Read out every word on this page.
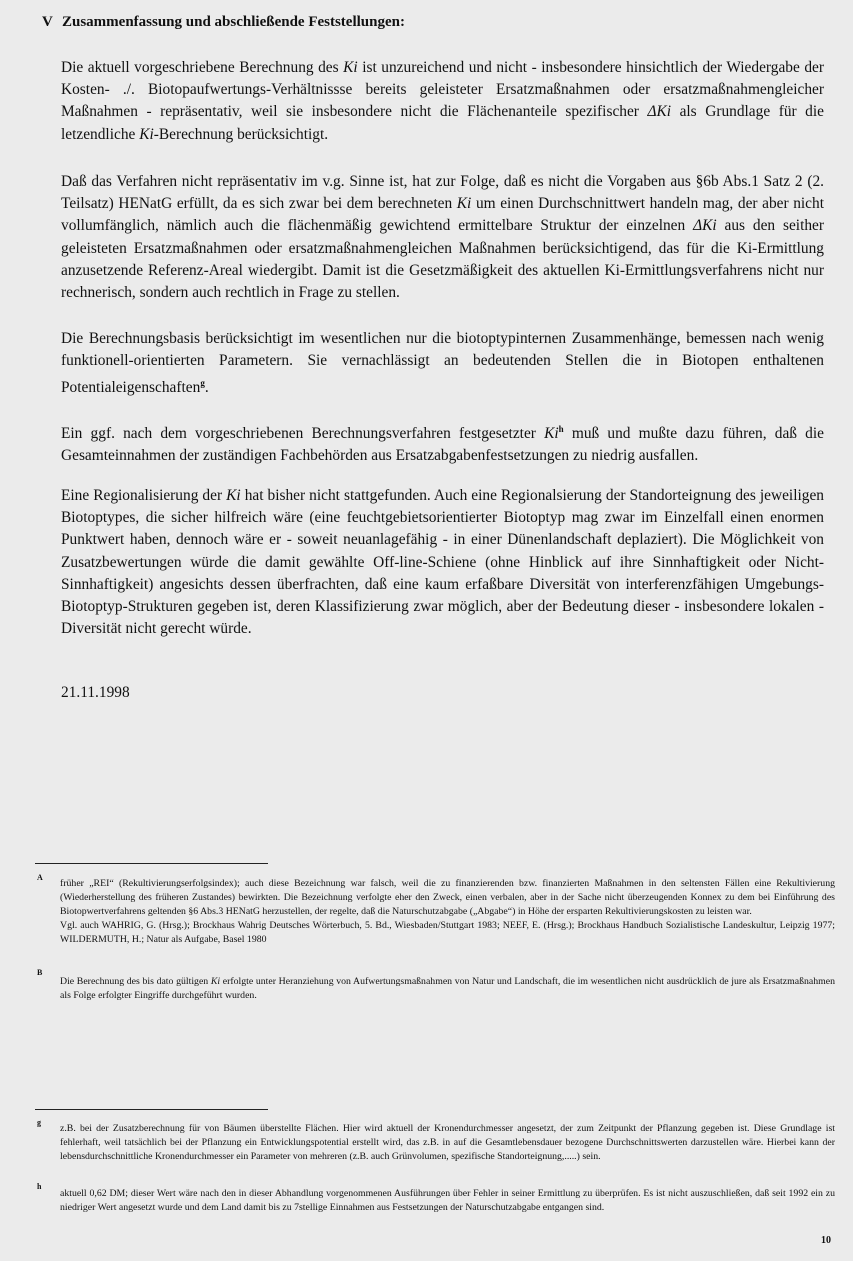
V Zusammenfassung und abschließende Feststellungen:

Die aktuell vorgeschriebene Berechnung des Ki ist unzureichend und nicht - insbesondere hinsichtlich der Wiedergabe der Kosten- ./. Biotopaufwertungs-Verhältnissse bereits geleisteter Ersatzmaßnahmen oder ersatzmaßnahmengleicher Maßnahmen - repräsentativ, weil sie insbesondere nicht die Flächenanteile spezifischer ΔKi als Grundlage für die letzendliche Ki-Berechnung berücksichtigt.

Daß das Verfahren nicht repräsentativ im v.g. Sinne ist, hat zur Folge, daß es nicht die Vorgaben aus §6b Abs.1 Satz 2 (2. Teilsatz) HENatG erfüllt, da es sich zwar bei dem berechneten Ki um einen Durchschnittwert handeln mag, der aber nicht vollumfänglich, nämlich auch die flächenmäßig gewichtend ermittelbare Struktur der einzelnen ΔKi aus den seither geleisteten Ersatzmaßnahmen oder ersatzmaßnahmengleichen Maßnahmen berücksichtigend, das für die Ki-Ermittlung anzusetzende Referenz-Areal wiedergibt. Damit ist die Gesetzmäßigkeit des aktuellen Ki-Ermittlungsverfahrens nicht nur rechnerisch, sondern auch rechtlich in Frage zu stellen.

Die Berechnungsbasis berücksichtigt im wesentlichen nur die biotoptypinternen Zusammenhänge, bemessen nach wenig funktionell-orientierten Parametern. Sie vernachlässigt an bedeutenden Stellen die in Biotopen enthaltenen Potentialeigenschaften$^g$.

Ein ggf. nach dem vorgeschriebenen Berechnungsverfahren festgesetzter Ki$^h$ muß und mußte dazu führen, daß die Gesamteinnahmen der zuständigen Fachbehörden aus Ersatzabgabenfestsetzungen zu niedrig ausfallen.

Eine Regionalisierung der Ki hat bisher nicht stattgefunden. Auch eine Regionalsierung der Standorteignung des jeweiligen Biotoptypes, die sicher hilfreich wäre (eine feuchtgebietsorientierter Biotoptyp mag zwar im Einzelfall einen enormen Punktwert haben, dennoch wäre er - soweit neuanlagefähig - in einer Dünenlandschaft deplaziert). Die Möglichkeit von Zusatzbewertungen würde die damit gewählte Off-line-Schiene (ohne Hinblick auf ihre Sinnhaftigkeit oder Nicht-Sinnhaftigkeit) angesichts dessen überfrachten, daß eine kaum erfaßbare Diversität von interferenzfähigen Umgebungs-Biotoptyp-Strukturen gegeben ist, deren Klassifizierung zwar möglich, aber der Bedeutung dieser - insbesondere lokalen - Diversität nicht gerecht würde.

21.11.1998
A

früher „REI“ (Rekultivierungserfolgsindex); auch diese Bezeichnung war falsch, weil die zu finanzierenden bzw. finanzierten Maßnahmen in den seltensten Fällen eine Rekultivierung (Wiederherstellung des früheren Zustandes) bewirkten. Die Bezeichnung verfolgte eher den Zweck, einen verbalen, aber in der Sache nicht überzeugenden Konnex zu dem bei Einführung des Biotopwertverfahrens geltenden §6 Abs.3 HENatG herzustellen, der regelte, daß die Naturschutzabgabe („Abgabe“) in Höhe der ersparten Rekultivierungskosten zu leisten war.

Vgl. auch WAHRIG, G. (Hrsg.); Brockhaus Wahrig Deutsches Wörterbuch, 5. Bd., Wiesbaden/Stuttgart 1983; NEEF, E. (Hrsg.); Brockhaus Handbuch Sozialistische Landeskultur, Leipzig 1977; WILDERMUTH, H.; Natur als Aufgabe, Basel 1980

B

Die Berechnung des bis dato gültigen Ki erfolgte unter Heranziehung von Aufwertungsmaßnahmen von Natur und Landschaft, die im wesentlichen nicht ausdrücklich de jure als Ersatzmaßnahmen als Folge erfolgter Eingriffe durchgeführt wurden.

g
z.B. bei der Zusatzberechnung für von Bäumen überstellte Flächen. Hier wird aktuell der Kronendurchmesser angesetzt, der zum Zeitpunkt der Pflanzung gegeben ist. Diese Grundlage ist fehlerhaft, weil tatsächlich bei der Pflanzung ein Entwicklungspotential erstellt wird, das z.B. in auf die Gesamtlebensdauer bezogene Durchschnittswerten darzustellen wäre. Hierbei kann der lebensdurchschnittliche Kronendurchmesser ein Parameter von mehreren (z.B. auch Grünvolumen, spezifische Standorteignung,.....) sein.
h
aktuell 0,62 DM; dieser Wert wäre nach den in dieser Abhandlung vorgenommenen Ausführungen über Fehler in seiner Ermittlung zu überprüfen. Es ist nicht auszuschließen, daß seit 1992 ein zu niedriger Wert angesetzt wurde und dem Land damit bis zu 7stellige Einnahmen aus Festsetzungen der Naturschutzabgabe entgangen sind.
10
